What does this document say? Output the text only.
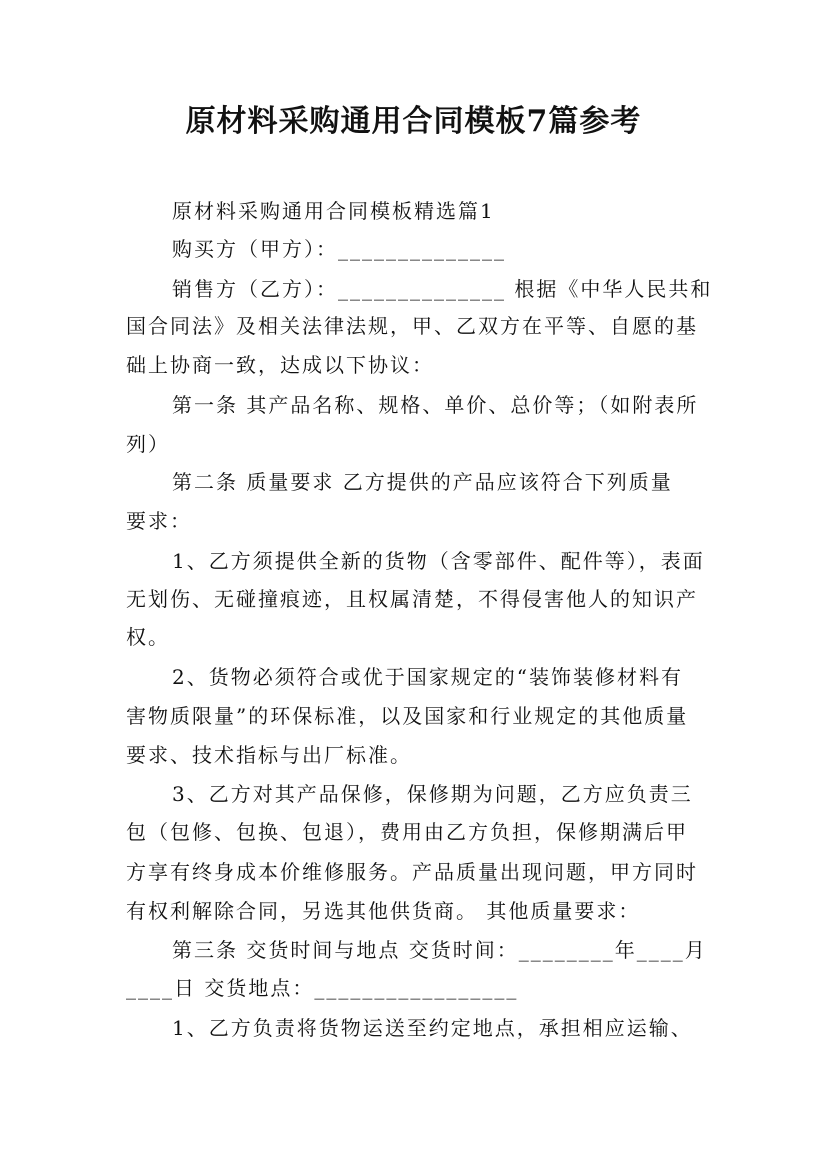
原材料采购通用合同模板7篇参考
原材料采购通用合同模板精选篇1
购买方（甲方）：______________
销售方（乙方）：______________ 根据《中华人民共和
国合同法》及相关法律法规，甲、乙双方在平等、自愿的基
础上协商一致，达成以下协议：
第一条 其产品名称、规格、单价、总价等；（如附表所
列）
第二条 质量要求 乙方提供的产品应该符合下列质量
要求：
1、乙方须提供全新的货物（含零部件、配件等），表面
无划伤、无碰撞痕迹，且权属清楚，不得侵害他人的知识产
权。
2、货物必须符合或优于国家规定的“装饰装修材料有
害物质限量”的环保标准，以及国家和行业规定的其他质量
要求、技术指标与出厂标准。
3、乙方对其产品保修，保修期为问题，乙方应负责三
包（包修、包换、包退），费用由乙方负担，保修期满后甲
方享有终身成本价维修服务。产品质量出现问题，甲方同时
有权利解除合同，另选其他供货商。 其他质量要求：
第三条 交货时间与地点 交货时间：________年____月
____日 交货地点：_________________
1、乙方负责将货物运送至约定地点，承担相应运输、
